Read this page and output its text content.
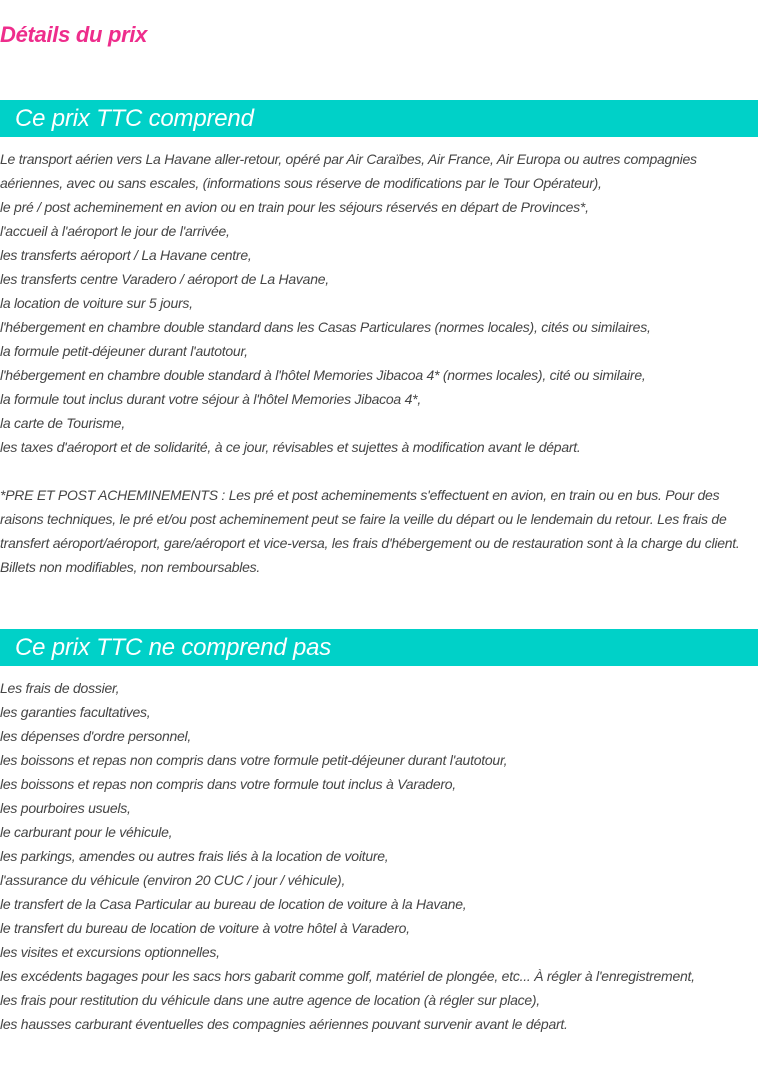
Détails du prix
Ce prix TTC comprend
Le transport aérien vers La Havane aller-retour, opéré par Air Caraïbes, Air France, Air Europa ou autres compagnies aériennes, avec ou sans escales, (informations sous réserve de modifications par le Tour Opérateur),
le pré / post acheminement en avion ou en train pour les séjours réservés en départ de Provinces*,
l'accueil à l'aéroport le jour de l'arrivée,
les transferts aéroport / La Havane centre,
les transferts centre Varadero / aéroport de La Havane,
la location de voiture sur 5 jours,
l'hébergement en chambre double standard dans les Casas Particulares (normes locales), cités ou similaires,
la formule petit-déjeuner durant l'autotour,
l'hébergement en chambre double standard à l'hôtel Memories Jibacoa 4* (normes locales), cité ou similaire,
la formule tout inclus durant votre séjour à l'hôtel Memories Jibacoa 4*,
la carte de Tourisme,
les taxes d'aéroport et de solidarité, à ce jour, révisables et sujettes à modification avant le départ.

*PRE ET POST ACHEMINEMENTS : Les pré et post acheminements s'effectuent en avion, en train ou en bus. Pour des raisons techniques, le pré et/ou post acheminement peut se faire la veille du départ ou le lendemain du retour. Les frais de transfert aéroport/aéroport, gare/aéroport et vice-versa, les frais d'hébergement ou de restauration sont à la charge du client. Billets non modifiables, non remboursables.

Ce prix TTC ne comprend pas
Les frais de dossier,
les garanties facultatives,
les dépenses d'ordre personnel,
les boissons et repas non compris dans votre formule petit-déjeuner durant l'autotour,
les boissons et repas non compris dans votre formule tout inclus à Varadero,
les pourboires usuels,
le carburant pour le véhicule,
les parkings, amendes ou autres frais liés à la location de voiture,
l'assurance du véhicule (environ 20 CUC / jour / véhicule),
le transfert de la Casa Particular au bureau de location de voiture à la Havane,
le transfert du bureau de location de voiture à votre hôtel à Varadero,
les visites et excursions optionnelles,
les excédents bagages pour les sacs hors gabarit comme golf, matériel de plongée, etc... À régler à l'enregistrement,
les frais pour restitution du véhicule dans une autre agence de location (à régler sur place),
les hausses carburant éventuelles des compagnies aériennes pouvant survenir avant le départ.
